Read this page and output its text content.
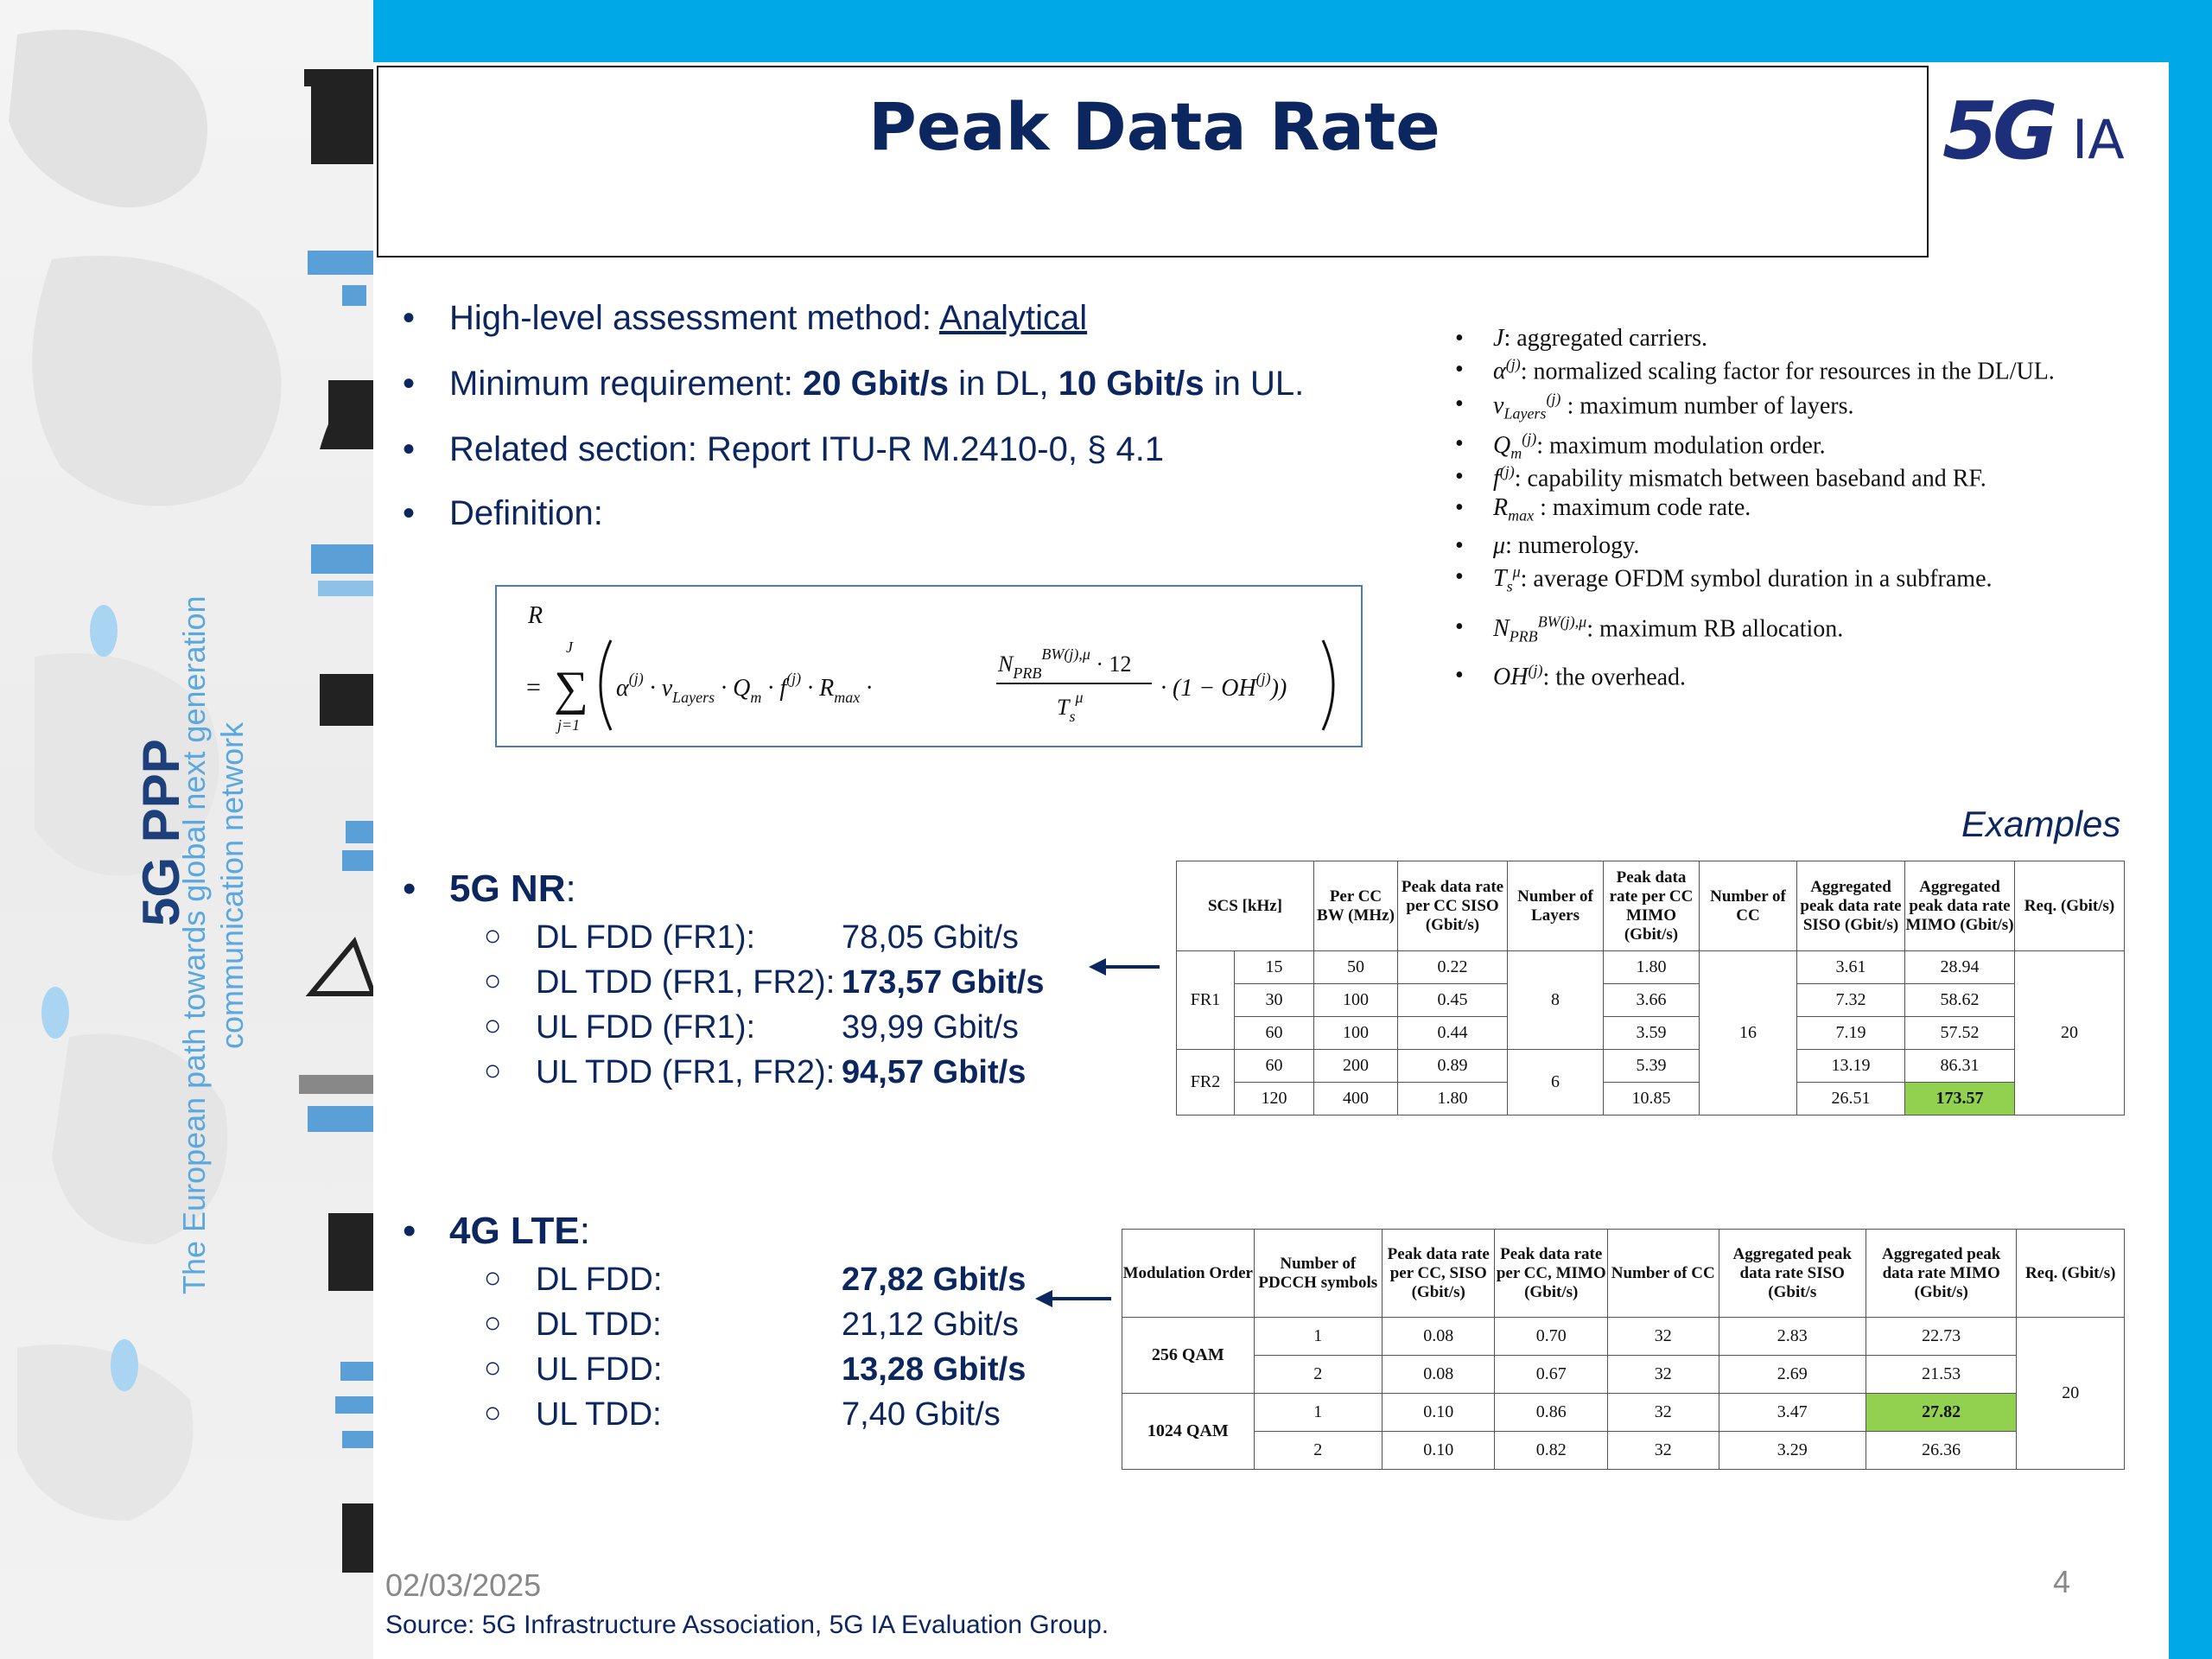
5G PPP
The European path towards global next generation communication network
Peak Data Rate	5G IA
• High-level assessment method: Analytical
• Minimum requirement: 20 Gbit/s in DL, 10 Gbit/s in UL.
• Related section: Report ITU-R M.2410-0, § 4.1
• Definition:
R
= ∑
J
j=1
$\alpha^{(j)} \cdot v_{Layers} \cdot Q_m \cdot f^{(j)} \cdot R_{max}$ ·
$N_{PRB}^{BW(j),\mu} \cdot 12$
$T_s^\mu$	· $(1 - OH^{(j)})$)
• J: aggregated carriers.
• $\alpha^{(j)}$: normalized scaling factor for resources in the DL/UL.
• $v_{Layers}^{(j)}$ : maximum number of layers.
• $Q_m^{(j)}$: maximum modulation order.
• $f^{(j)}$: capability mismatch between baseband and RF.
• $R_{max}$ : maximum code rate.
• μ: numerology.
• $T_s^\mu$: average OFDM symbol duration in a subframe.
• $N_{PRB}^{BW(j),\mu}$: maximum RB allocation.
• OH$^{(j)}$: the overhead.
Examples
• 5G NR:
○ DL FDD (FR1):	78,05 Gbit/s
○ DL TDD (FR1, FR2): 173,57 Gbit/s
○ UL FDD (FR1):	39,99 Gbit/s
○ UL TDD (FR1, FR2): 94,57 Gbit/s
SCS [kHz]		Per CC BW (MHz)	Peak data rate per CC SISO (Gbit/s)	Number of Layers	Peak data rate per CC MIMO (Gbit/s)	Number of CC	Aggregated peak data rate SISO (Gbit/s)	Aggregated peak data rate MIMO (Gbit/s)	Req. (Gbit/s)
FR1	15	50	0.22	8	1.80	16	3.61	28.94	20
	30	100	0.45		3.66		7.32	58.62	
	60	100	0.44		3.59		7.19	57.52	
FR2	60	200	0.89	6	5.39		13.19	86.31	
	120	400	1.80		10.85		26.51	173.57	
• 4G LTE:
○ DL FDD:	27,82 Gbit/s
○ DL TDD:	21,12 Gbit/s
○ UL FDD:	13,28 Gbit/s
○ UL TDD:	7,40 Gbit/s
Modulation Order	Number of PDCCH symbols	Peak data rate per CC, SISO (Gbit/s)	Peak data rate per CC, MIMO (Gbit/s)	Number of CC	Aggregated peak data rate SISO (Gbit/s	Aggregated peak data rate MIMO (Gbit/s)	Req. (Gbit/s)
256 QAM	1	0.08	0.70	32	2.83	22.73	20
	2	0.08	0.67	32	2.69	21.53	
1024 QAM	1	0.10	0.86	32	3.47	27.82	
	2	0.10	0.82	32	3.29	26.36	
02/03/2025	4
Source: 5G Infrastructure Association, 5G IA Evaluation Group.
